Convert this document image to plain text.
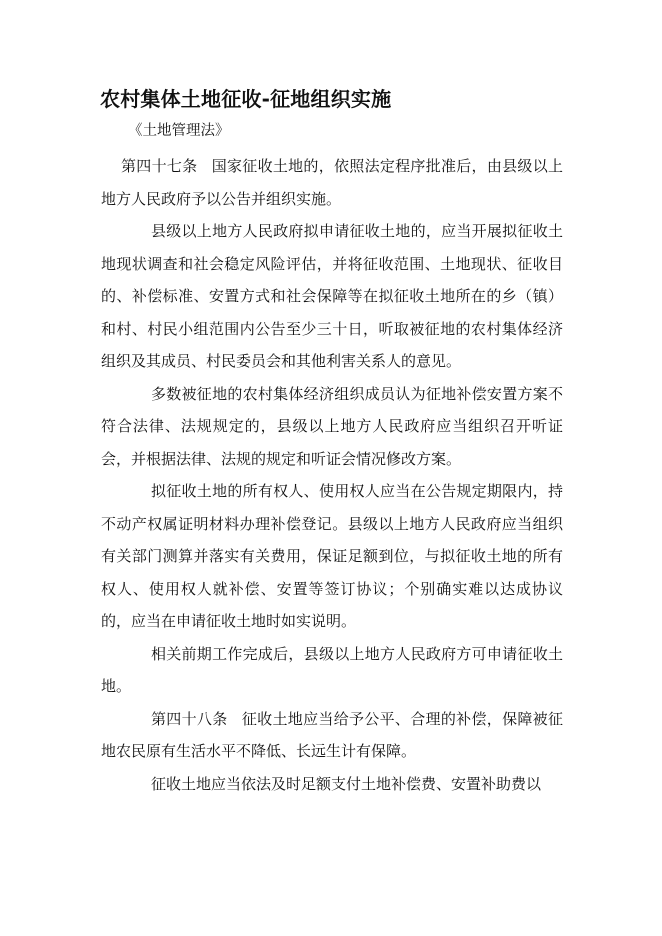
农村集体土地征收-征地组织实施
《土地管理法》

第四十七条 国家征收土地的，依照法定程序批准后，由县级以上地方人民政府予以公告并组织实施。

县级以上地方人民政府拟申请征收土地的，应当开展拟征收土地现状调查和社会稳定风险评估，并将征收范围、土地现状、征收目的、补偿标准、安置方式和社会保障等在拟征收土地所在的乡（镇）和村、村民小组范围内公告至少三十日，听取被征地的农村集体经济组织及其成员、村民委员会和其他利害关系人的意见。

多数被征地的农村集体经济组织成员认为征地补偿安置方案不符合法律、法规规定的，县级以上地方人民政府应当组织召开听证会，并根据法律、法规的规定和听证会情况修改方案。

拟征收土地的所有权人、使用权人应当在公告规定期限内，持不动产权属证明材料办理补偿登记。县级以上地方人民政府应当组织有关部门测算并落实有关费用，保证足额到位，与拟征收土地的所有权人、使用权人就补偿、安置等签订协议；个别确实难以达成协议的，应当在申请征收土地时如实说明。

相关前期工作完成后，县级以上地方人民政府方可申请征收土地。

第四十八条 征收土地应当给予公平、合理的补偿，保障被征地农民原有生活水平不降低、长远生计有保障。

征收土地应当依法及时足额支付土地补偿费、安置补助费以
